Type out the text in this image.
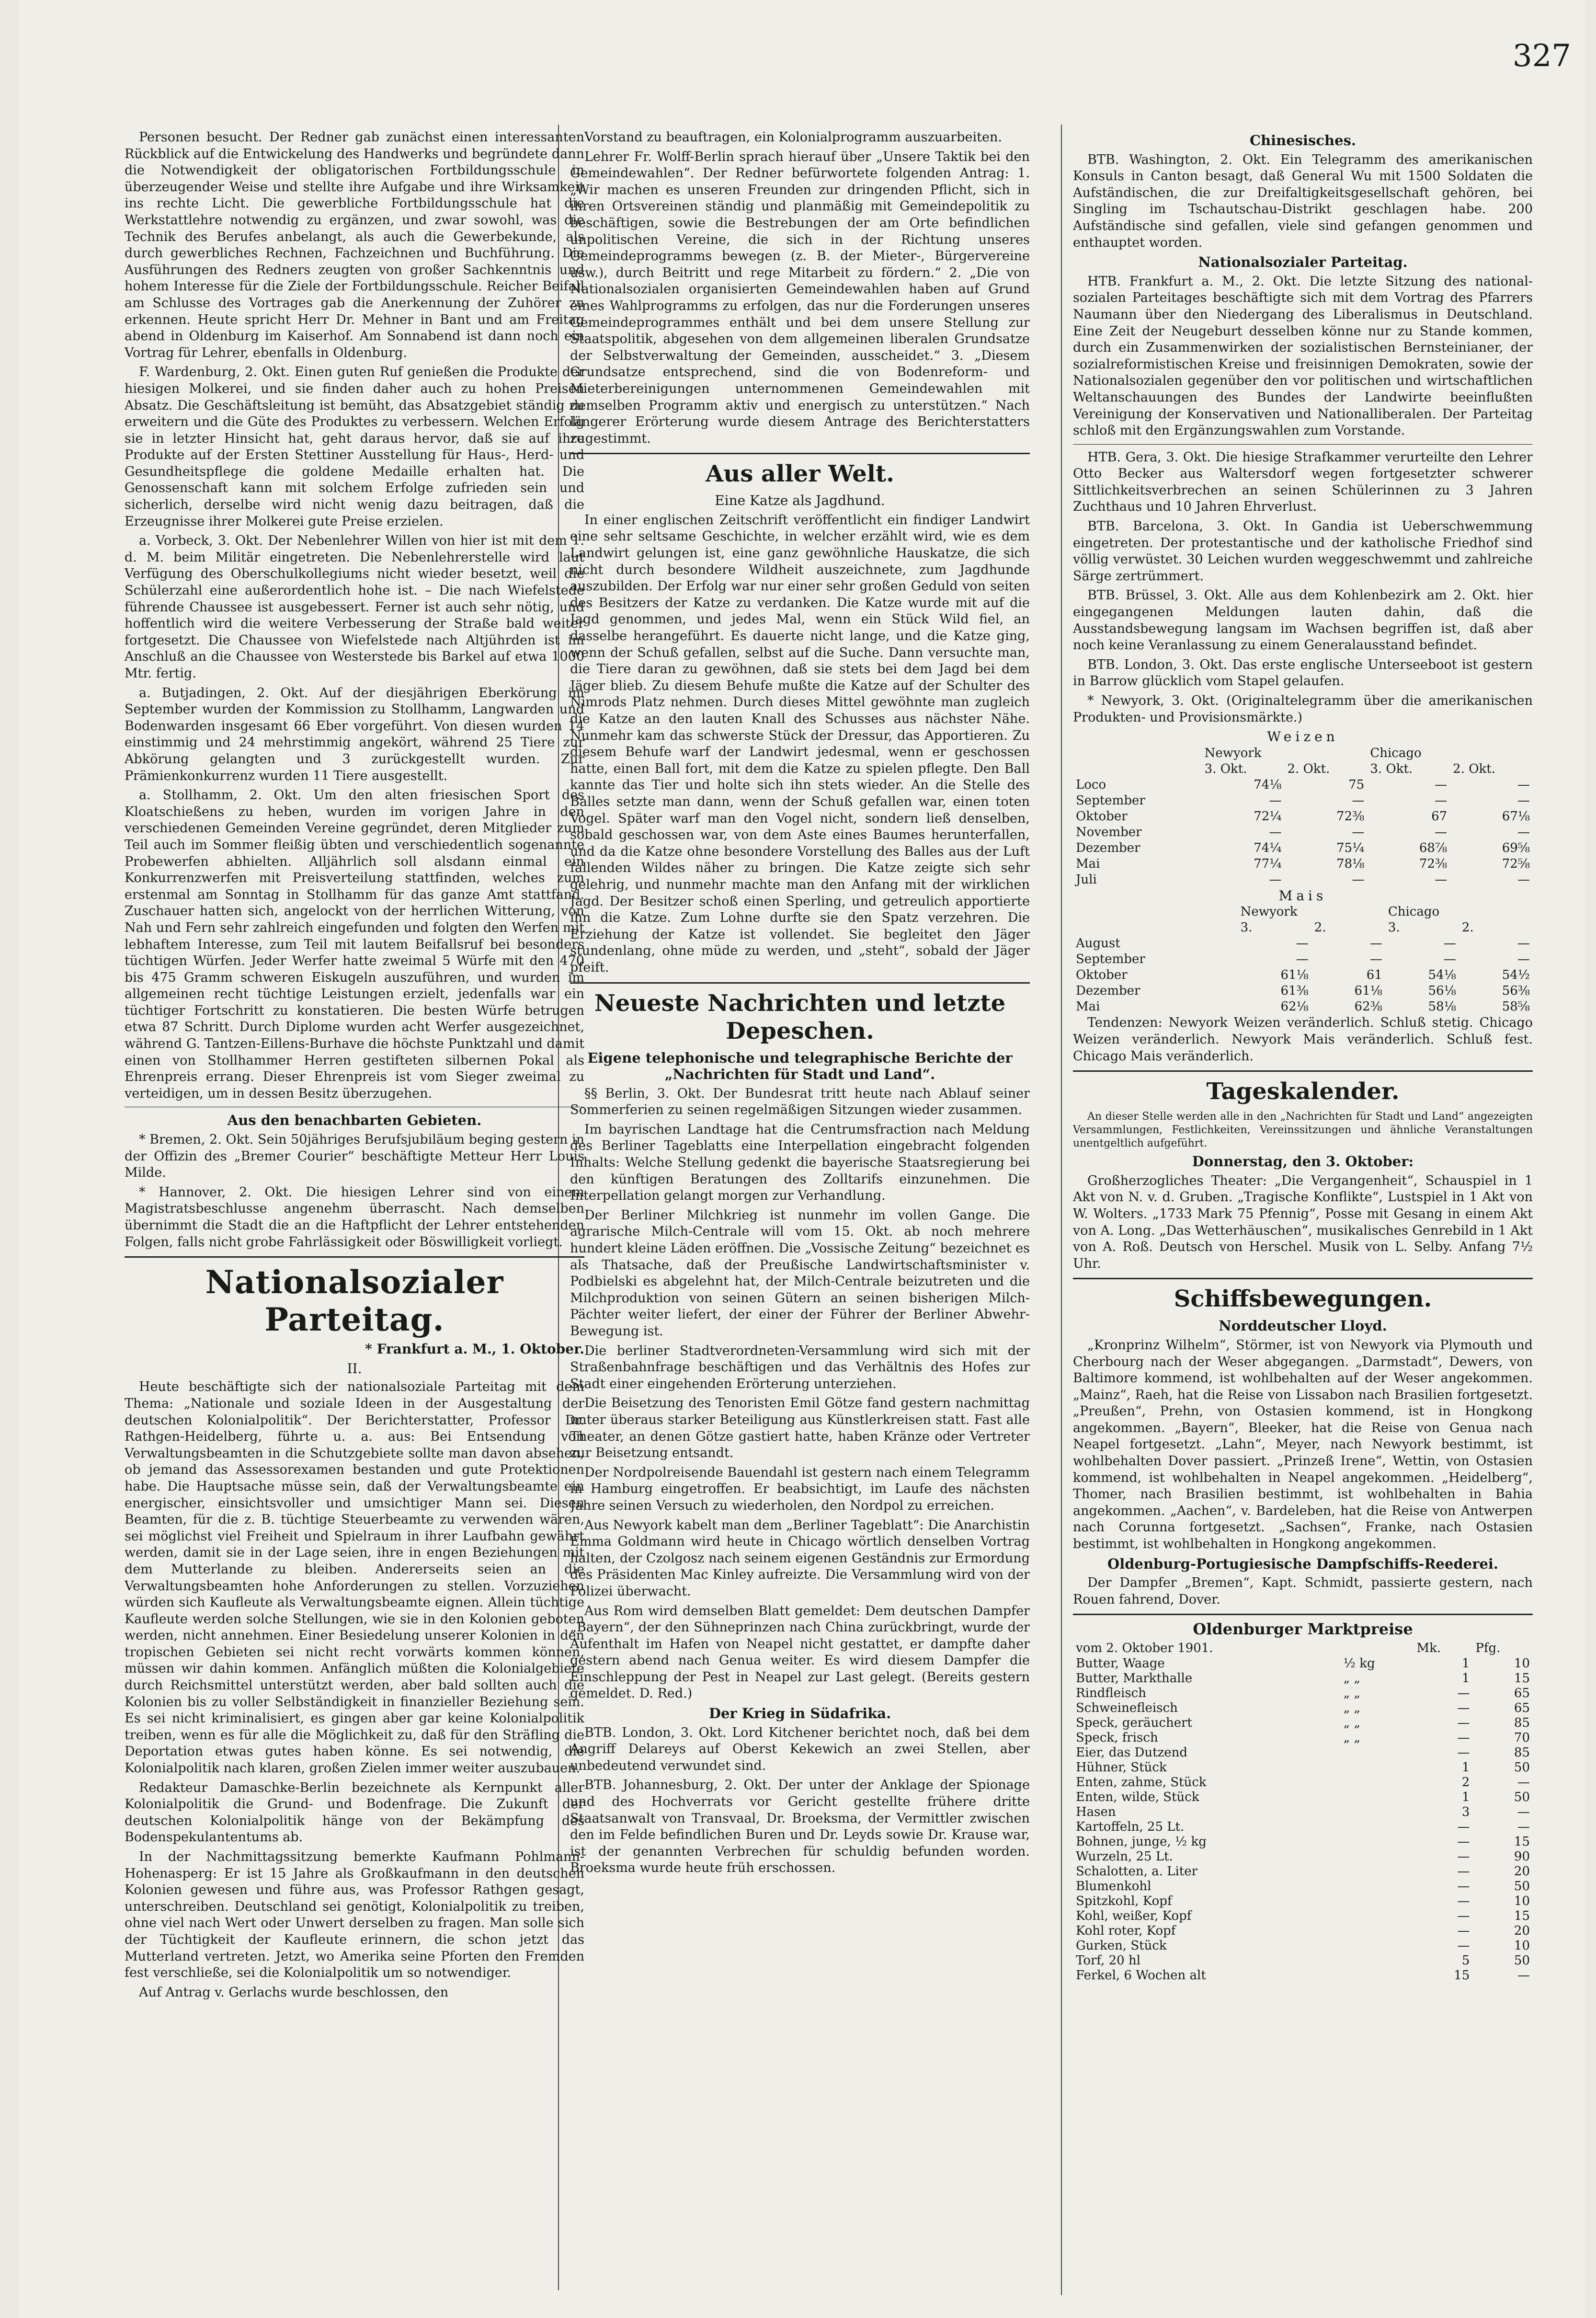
327

Personen besucht. Der Redner gab zunächst einen interessanten Rückblick auf die Entwickelung des Handwerks und begründete dann die Notwendigkeit der obligatorischen Fortbildungsschule in überzeugender Weise und stellte ihre Aufgabe und ihre Wirksamkeit ins rechte Licht. Die gewerbliche Fortbildungsschule hat die Werkstattlehre notwendig zu ergänzen, und zwar sowohl, was die Technik des Berufes anbelangt, als auch die Gewerbekunde, als durch gewerbliches Rechnen, Fachzeichnen und Buchführung. Die Ausführungen des Redners zeugten von großer Sachkenntnis und hohem Interesse für die Ziele der Fortbildungsschule. Reicher Beifall am Schlusse des Vortrages gab die Anerkennung der Zuhörer zu erkennen. Heute spricht Herr Dr. Mehner in Bant und am Freitag abend in Oldenburg im Kaiserhof. Am Sonnabend ist dann noch ein Vortrag für Lehrer, ebenfalls in Oldenburg.

F. Wardenburg, 2. Okt. Einen guten Ruf genießen die Produkte der hiesigen Molkerei, und sie finden daher auch zu hohen Preisen Absatz. Die Geschäftsleitung ist bemüht, das Absatzgebiet ständig zu erweitern und die Güte des Produktes zu verbessern. Welchen Erfolg sie in letzter Hinsicht hat, geht daraus hervor, daß sie auf ihre Produkte auf der Ersten Stettiner Ausstellung für Haus-, Herd- und Gesundheitspflege die goldene Medaille erhalten hat. Die Genossenschaft kann mit solchem Erfolge zufrieden sein und sicherlich, derselbe wird nicht wenig dazu beitragen, daß die Erzeugnisse ihrer Molkerei gute Preise erzielen.

a. Vorbeck, 3. Okt. Der Nebenlehrer Willen von hier ist mit dem 1. d. M. beim Militär eingetreten. Die Nebenlehrerstelle wird laut Verfügung des Oberschulkollegiums nicht wieder besetzt, weil die Schülerzahl eine außerordentlich hohe ist. – Die nach Wiefelstede führende Chaussee ist ausgebessert. Ferner ist auch sehr nötig, und hoffentlich wird die weitere Verbesserung der Straße bald weiter fortgesetzt. Die Chaussee von Wiefelstede nach Altjührden ist im Anschluß an die Chaussee von Westerstede bis Barkel auf etwa 1000 Mtr. fertig.

a. Butjadingen, 2. Okt. Auf der diesjährigen Eberkörung im September wurden der Kommission zu Stollhamm, Langwarden und Bodenwarden insgesamt 66 Eber vorgeführt. Von diesen wurden 14 einstimmig und 24 mehrstimmig angekört, während 25 Tiere zur Abkörung gelangten und 3 zurückgestellt wurden. Zur Prämienkonkurrenz wurden 11 Tiere ausgestellt.

a. Stollhamm, 2. Okt. Um den alten friesischen Sport des Kloatschießens zu heben, wurden im vorigen Jahre in den verschiedenen Gemeinden Vereine gegründet, deren Mitglieder zum Teil auch im Sommer fleißig übten und verschiedentlich sogenannte Probewerfen abhielten. Alljährlich soll alsdann einmal ein Konkurrenzwerfen mit Preisverteilung stattfinden, welches zum erstenmal am Sonntag in Stollhamm für das ganze Amt stattfand. Zuschauer hatten sich, angelockt von der herrlichen Witterung, von Nah und Fern sehr zahlreich eingefunden und folgten den Werfen mit lebhaftem Interesse, zum Teil mit lautem Beifallsruf bei besonders tüchtigen Würfen. Jeder Werfer hatte zweimal 5 Würfe mit den 470 bis 475 Gramm schweren Eiskugeln auszuführen, und wurden im allgemeinen recht tüchtige Leistungen erzielt, jedenfalls war ein tüchtiger Fortschritt zu konstatieren. Die besten Würfe betrugen etwa 87 Schritt. Durch Diplome wurden acht Werfer ausgezeichnet, während G. Tantzen-Eillens-Burhave die höchste Punktzahl und damit einen von Stollhammer Herren gestifteten silbernen Pokal als Ehrenpreis errang. Dieser Ehrenpreis ist vom Sieger zweimal zu verteidigen, um in dessen Besitz überzugehen.

Aus den benachbarten Gebieten.

* Bremen, 2. Okt. Sein 50jähriges Berufsjubiläum beging gestern in der Offizin des „Bremer Courier“ beschäftigte Metteur Herr Louis Milde.

* Hannover, 2. Okt. Die hiesigen Lehrer sind von einem Magistratsbeschlusse angenehm überrascht. Nach demselben übernimmt die Stadt die an die Haftpflicht der Lehrer entstehenden Folgen, falls nicht grobe Fahrlässigkeit oder Böswilligkeit vorliegt.

Nationalsozialer Parteitag.
* Frankfurt a. M., 1. Oktober.
II.

Heute beschäftigte sich der nationalsoziale Parteitag mit dem Thema: „Nationale und soziale Ideen in der Ausgestaltung der deutschen Kolonialpolitik“. Der Berichterstatter, Professor Dr. Rathgen-Heidelberg, führte u. a. aus: Bei Entsendung von Verwaltungsbeamten in die Schutzgebiete sollte man davon absehen, ob jemand das Assessorexamen bestanden und gute Protektionen habe. Die Hauptsache müsse sein, daß der Verwaltungsbeamte ein energischer, einsichtsvoller und umsichtiger Mann sei. Diesen Beamten, für die z. B. tüchtige Steuerbeamte zu verwenden wären, sei möglichst viel Freiheit und Spielraum in ihrer Laufbahn gewährt werden, damit sie in der Lage seien, ihre in engen Beziehungen mit dem Mutterlande zu bleiben. Andererseits seien an die Verwaltungsbeamten hohe Anforderungen zu stellen. Vorzuziehen würden sich Kaufleute als Verwaltungsbeamte eignen. Allein tüchtige Kaufleute werden solche Stellungen, wie sie in den Kolonien geboten werden, nicht annehmen. Einer Besiedelung unserer Kolonien in den tropischen Gebieten sei nicht recht vorwärts kommen können, müssen wir dahin kommen. Anfänglich müßten die Kolonialgebiete durch Reichsmittel unterstützt werden, aber bald sollten auch die Kolonien bis zu voller Selbständigkeit in finanzieller Beziehung sein. Es sei nicht kriminalisiert, es gingen aber gar keine Kolonialpolitik treiben, wenn es für alle die Möglichkeit zu, daß für den Sträfling die Deportation etwas gutes haben könne. Es sei notwendig, die Kolonialpolitik nach klaren, großen Zielen immer weiter auszubauen.

Redakteur Damaschke-Berlin bezeichnete als Kernpunkt aller Kolonialpolitik die Grund- und Bodenfrage. Die Zukunft der deutschen Kolonialpolitik hänge von der Bekämpfung des Bodenspekulantentums ab.

In der Nachmittagssitzung bemerkte Kaufmann Pohlmann-Hohenasperg: Er ist 15 Jahre als Großkaufmann in den deutschen Kolonien gewesen und führe aus, was Professor Rathgen gesagt, unterschreiben. Deutschland sei genötigt, Kolonialpolitik zu treiben, ohne viel nach Wert oder Unwert derselben zu fragen. Man solle sich der Tüchtigkeit der Kaufleute erinnern, die schon jetzt das Mutterland vertreten. Jetzt, wo Amerika seine Pforten den Fremden fest verschließe, sei die Kolonialpolitik um so notwendiger.

Auf Antrag v. Gerlachs wurde beschlossen, den

Vorstand zu beauftragen, ein Kolonialprogramm auszuarbeiten.

Lehrer Fr. Wolff-Berlin sprach hierauf über „Unsere Taktik bei den Gemeindewahlen“. Der Redner befürwortete folgenden Antrag: 1. „Wir machen es unseren Freunden zur dringenden Pflicht, sich in ihren Ortsvereinen ständig und planmäßig mit Gemeindepolitik zu beschäftigen, sowie die Bestrebungen der am Orte befindlichen unpolitischen Vereine, die sich in der Richtung unseres Gemeindeprogramms bewegen (z. B. der Mieter-, Bürgervereine usw.), durch Beitritt und rege Mitarbeit zu fördern.“ 2. „Die von Nationalsozialen organisierten Gemeindewahlen haben auf Grund eines Wahlprogramms zu erfolgen, das nur die Forderungen unseres Gemeindeprogrammes enthält und bei dem unsere Stellung zur Staatspolitik, abgesehen von dem allgemeinen liberalen Grundsatze der Selbstverwaltung der Gemeinden, ausscheidet.“ 3. „Diesem Grundsatze entsprechend, sind die von Bodenreform- und Mieterbereinigungen unternommenen Gemeindewahlen mit demselben Programm aktiv und energisch zu unterstützen.“ Nach längerer Erörterung wurde diesem Antrage des Berichterstatters zugestimmt.

Aus aller Welt.
Eine Katze als Jagdhund.

In einer englischen Zeitschrift veröffentlicht ein findiger Landwirt eine sehr seltsame Geschichte, in welcher erzählt wird, wie es dem Landwirt gelungen ist, eine ganz gewöhnliche Hauskatze, die sich nicht durch besondere Wildheit auszeichnete, zum Jagdhunde auszubilden. Der Erfolg war nur einer sehr großen Geduld von seiten des Besitzers der Katze zu verdanken. Die Katze wurde mit auf die Jagd genommen, und jedes Mal, wenn ein Stück Wild fiel, an dasselbe herangeführt. Es dauerte nicht lange, und die Katze ging, wenn der Schuß gefallen, selbst auf die Suche. Dann versuchte man, die Tiere daran zu gewöhnen, daß sie stets bei dem Jagd bei dem Jäger blieb. Zu diesem Behufe mußte die Katze auf der Schulter des Nimrods Platz nehmen. Durch dieses Mittel gewöhnte man zugleich die Katze an den lauten Knall des Schusses aus nächster Nähe. Nunmehr kam das schwerste Stück der Dressur, das Apportieren. Zu diesem Behufe warf der Landwirt jedesmal, wenn er geschossen hatte, einen Ball fort, mit dem die Katze zu spielen pflegte. Den Ball kannte das Tier und holte sich ihn stets wieder. An die Stelle des Balles setzte man dann, wenn der Schuß gefallen war, einen toten Vogel. Später warf man den Vogel nicht, sondern ließ denselben, sobald geschossen war, von dem Aste eines Baumes herunterfallen, und da die Katze ohne besondere Vorstellung des Balles aus der Luft fallenden Wildes näher zu bringen. Die Katze zeigte sich sehr gelehrig, und nunmehr machte man den Anfang mit der wirklichen Jagd. Der Besitzer schoß einen Sperling, und getreulich apportierte ihn die Katze. Zum Lohne durfte sie den Spatz verzehren. Die Erziehung der Katze ist vollendet. Sie begleitet den Jäger stundenlang, ohne müde zu werden, und „steht“, sobald der Jäger pfeift.

Neueste Nachrichten und letzte Depeschen.
Eigene telephonische und telegraphische Berichte der „Nachrichten für Stadt und Land“.

§§ Berlin, 3. Okt. Der Bundesrat tritt heute nach Ablauf seiner Sommerferien zu seinen regelmäßigen Sitzungen wieder zusammen.

Im bayrischen Landtage hat die Centrumsfraction nach Meldung des Berliner Tageblatts eine Interpellation eingebracht folgenden Inhalts: Welche Stellung gedenkt die bayerische Staatsregierung bei den künftigen Beratungen des Zolltarifs einzunehmen. Die Interpellation gelangt morgen zur Verhandlung.

Der Berliner Milchkrieg ist nunmehr im vollen Gange. Die agrarische Milch-Centrale will vom 15. Okt. ab noch mehrere hundert kleine Läden eröffnen. Die „Vossische Zeitung“ bezeichnet es als Thatsache, daß der Preußische Landwirtschaftsminister v. Podbielski es abgelehnt hat, der Milch-Centrale beizutreten und die Milchproduktion von seinen Gütern an seinen bisherigen Milch-Pächter weiter liefert, der einer der Führer der Berliner Abwehr-Bewegung ist.

Die berliner Stadtverordneten-Versammlung wird sich mit der Straßenbahnfrage beschäftigen und das Verhältnis des Hofes zur Stadt einer eingehenden Erörterung unterziehen.

Die Beisetzung des Tenoristen Emil Götze fand gestern nachmittag unter überaus starker Beteiligung aus Künstlerkreisen statt. Fast alle Theater, an denen Götze gastiert hatte, haben Kränze oder Vertreter zur Beisetzung entsandt.

Der Nordpolreisende Bauendahl ist gestern nach einem Telegramm in Hamburg eingetroffen. Er beabsichtigt, im Laufe des nächsten Jahre seinen Versuch zu wiederholen, den Nordpol zu erreichen.

Aus Newyork kabelt man dem „Berliner Tageblatt“: Die Anarchistin Emma Goldmann wird heute in Chicago wörtlich denselben Vortrag halten, der Czolgosz nach seinem eigenen Geständnis zur Ermordung des Präsidenten Mac Kinley aufreizte. Die Versammlung wird von der Polizei überwacht.

Aus Rom wird demselben Blatt gemeldet: Dem deutschen Dampfer „Bayern“, der den Sühneprinzen nach China zurückbringt, wurde der Aufenthalt im Hafen von Neapel nicht gestattet, er dampfte daher gestern abend nach Genua weiter. Es wird diesem Dampfer die Einschleppung der Pest in Neapel zur Last gelegt. (Bereits gestern gemeldet. D. Red.)

Der Krieg in Südafrika.

BTB. London, 3. Okt. Lord Kitchener berichtet noch, daß bei dem Angriff Delareys auf Oberst Kekewich an zwei Stellen, aber unbedeutend verwundet sind.

BTB. Johannesburg, 2. Okt. Der unter der Anklage der Spionage und des Hochverrats vor Gericht gestellte frühere dritte Staatsanwalt von Transvaal, Dr. Broeksma, der Vermittler zwischen den im Felde befindlichen Buren und Dr. Leyds sowie Dr. Krause war, ist der genannten Verbrechen für schuldig befunden worden. Broeksma wurde heute früh erschossen.

Chinesisches.

BTB. Washington, 2. Okt. Ein Telegramm des amerikanischen Konsuls in Canton besagt, daß General Wu mit 1500 Soldaten die Aufständischen, die zur Dreifaltigkeitsgesellschaft gehören, bei Singling im Tschautschau-Distrikt geschlagen habe. 200 Aufständische sind gefallen, viele sind gefangen genommen und enthauptet worden.

Nationalsozialer Parteitag.

HTB. Frankfurt a. M., 2. Okt. Die letzte Sitzung des national-sozialen Parteitages beschäftigte sich mit dem Vortrag des Pfarrers Naumann über den Niedergang des Liberalismus in Deutschland. Eine Zeit der Neugeburt desselben könne nur zu Stande kommen, durch ein Zusammenwirken der sozialistischen Bernsteinianer, der sozialreformistischen Kreise und freisinnigen Demokraten, sowie der Nationalsozialen gegenüber den vor politischen und wirtschaftlichen Weltanschauungen des Bundes der Landwirte beeinflußten Vereinigung der Konservativen und Nationalliberalen. Der Parteitag schloß mit den Ergänzungswahlen zum Vorstande.

HTB. Gera, 3. Okt. Die hiesige Strafkammer verurteilte den Lehrer Otto Becker aus Waltersdorf wegen fortgesetzter schwerer Sittlichkeitsverbrechen an seinen Schülerinnen zu 3 Jahren Zuchthaus und 10 Jahren Ehrverlust.

BTB. Barcelona, 3. Okt. In Gandia ist Ueberschwemmung eingetreten. Der protestantische und der katholische Friedhof sind völlig verwüstet. 30 Leichen wurden weggeschwemmt und zahlreiche Särge zertrümmert.

BTB. Brüssel, 3. Okt. Alle aus dem Kohlenbezirk am 2. Okt. hier eingegangenen Meldungen lauten dahin, daß die Ausstandsbewegung langsam im Wachsen begriffen ist, daß aber noch keine Veranlassung zu einem Generalausstand befindet.

BTB. London, 3. Okt. Das erste englische Unterseeboot ist gestern in Barrow glücklich vom Stapel gelaufen.

* Newyork, 3. Okt. (Originaltelegramm über die amerikanischen Produkten- und Provisionsmärkte.)

Weizen
	Newyork		Chicago	
	3. Okt.	2. Okt.	3. Okt.	2. Okt.
Loco	74⅛	75	—	—
September	—	—	—	—
Oktober	72¼	72⅜	67	67⅛
November	—	—	—	—
Dezember	74¼	75¼	68⅞	69⅝
Mai	77¼	78⅛	72⅜	72⅝
Juli	—	—	—	—
Mais
	Newyork		Chicago	
	3.	2.	3.	2.
August	—	—	—	—
September	—	—	—	—
Oktober	61⅛	61	54⅛	54½
Dezember	61⅜	61⅛	56⅛	56⅜
Mai	62⅛	62⅜	58⅛	58⅝

Tendenzen: Newyork Weizen veränderlich. Schluß stetig. Chicago Weizen veränderlich. Newyork Mais veränderlich. Schluß fest. Chicago Mais veränderlich.

Tageskalender.

An dieser Stelle werden alle in den „Nachrichten für Stadt und Land“ angezeigten Versammlungen, Festlichkeiten, Vereinssitzungen und ähnliche Veranstaltungen unentgeltlich aufgeführt.

Donnerstag, den 3. Oktober:

Großherzogliches Theater: „Die Vergangenheit“, Schauspiel in 1 Akt von N. v. d. Gruben. „Tragische Konflikte“, Lustspiel in 1 Akt von W. Wolters. „1733 Mark 75 Pfennig“, Posse mit Gesang in einem Akt von A. Long. „Das Wetterhäuschen“, musikalisches Genrebild in 1 Akt von A. Roß. Deutsch von Herschel. Musik von L. Selby. Anfang 7½ Uhr.

Schiffsbewegungen.
Norddeutscher Lloyd.

„Kronprinz Wilhelm“, Störmer, ist von Newyork via Plymouth und Cherbourg nach der Weser abgegangen. „Darmstadt“, Dewers, von Baltimore kommend, ist wohlbehalten auf der Weser angekommen. „Mainz“, Raeh, hat die Reise von Lissabon nach Brasilien fortgesetzt. „Preußen“, Prehn, von Ostasien kommend, ist in Hongkong angekommen. „Bayern“, Bleeker, hat die Reise von Genua nach Neapel fortgesetzt. „Lahn“, Meyer, nach Newyork bestimmt, ist wohlbehalten Dover passiert. „Prinzeß Irene“, Wettin, von Ostasien kommend, ist wohlbehalten in Neapel angekommen. „Heidelberg“, Thomer, nach Brasilien bestimmt, ist wohlbehalten in Bahia angekommen. „Aachen“, v. Bardeleben, hat die Reise von Antwerpen nach Corunna fortgesetzt. „Sachsen“, Franke, nach Ostasien bestimmt, ist wohlbehalten in Hongkong angekommen.

Oldenburg-Portugiesische Dampfschiffs-Reederei.

Der Dampfer „Bremen“, Kapt. Schmidt, passierte gestern, nach Rouen fahrend, Dover.

Oldenburger Marktpreise
vom 2. Oktober 1901.		Mk.	Pfg.
Butter, Waage	½ kg	1	10
Butter, Markthalle	„ „	1	15
Rindfleisch	„ „	—	65
Schweinefleisch	„ „	—	65
Speck, geräuchert	„ „	—	85
Speck, frisch	„ „	—	70
Eier, das Dutzend		—	85
Hühner, Stück		1	50
Enten, zahme, Stück		2	—
Enten, wilde, Stück		1	50
Hasen		3	—
Kartoffeln, 25 Lt.		—	—
Bohnen, junge, ½ kg		—	15
Wurzeln, 25 Lt.		—	90
Schalotten, a. Liter		—	20
Blumenkohl		—	50
Spitzkohl, Kopf		—	10
Kohl, weißer, Kopf		—	15
Kohl roter, Kopf		—	20
Gurken, Stück		—	10
Torf, 20 hl		5	50
Ferkel, 6 Wochen alt		15	—
